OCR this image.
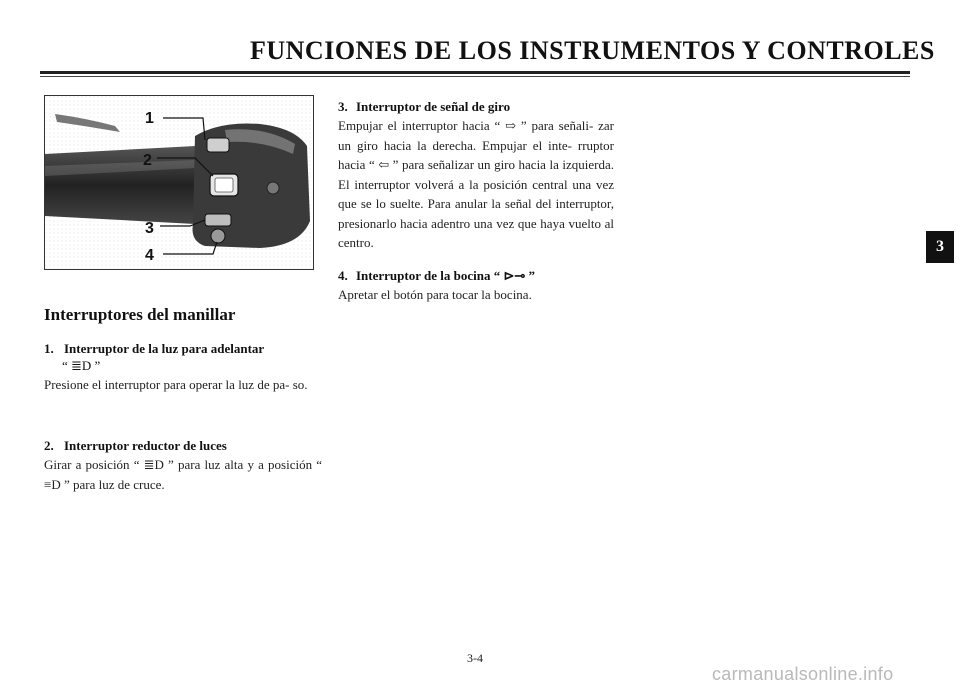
FUNCIONES DE LOS INSTRUMENTOS Y CONTROLES
1
2
3
4
Interruptores del manillar
1. Interruptor de la luz para adelantar
“ ≣D ”
Presione el interruptor para operar la luz de pa- so.
2. Interruptor reductor de luces
Girar a posición “ ≣D ” para luz alta y a posición “ ≡D ” para luz de cruce.
3. Interruptor de señal de giro
Empujar el interruptor hacia “ ⇨ ” para señali- zar un giro hacia la derecha. Empujar el inte- rruptor hacia “ ⇦ ” para señalizar un giro hacia la izquierda. El interruptor volverá a la posición central una vez que se lo suelte. Para anular la señal del interruptor, presionarlo hacia adentro una vez que haya vuelto al centro.
4. Interruptor de la bocina “ ⊳⊸ ”
Apretar el botón para tocar la bocina.
3
3-4
carmanualsonline.info
